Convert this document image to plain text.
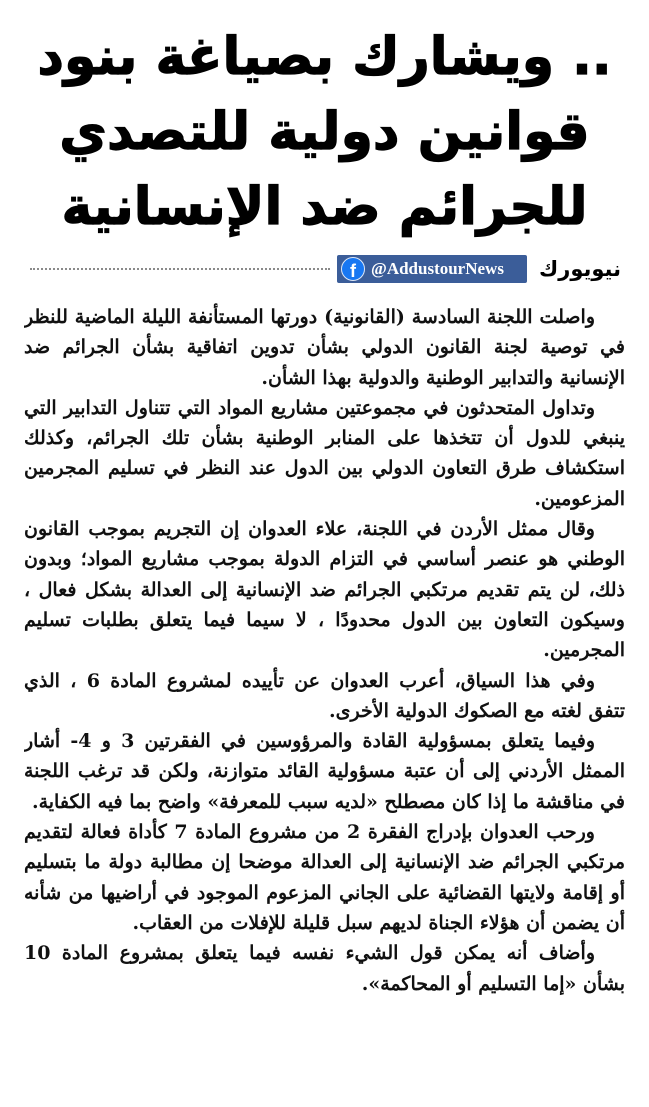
.. ويشارك بصياغة بنود
قوانين دولية للتصدي
للجرائم ضد الإنسانية
نيويورك
f @AddustourNews

واصلت اللجنة السادسة (القانونية) دورتها المستأنفة الليلة الماضية للنظر في توصية لجنة القانون الدولي بشأن تدوين اتفاقية بشأن الجرائم ضد الإنسانية والتدابير الوطنية والدولية بهذا الشأن.

وتداول المتحدثون في مجموعتين مشاريع المواد التي تتناول التدابير التي ينبغي للدول أن تتخذها على المنابر الوطنية بشأن تلك الجرائم، وكذلك استكشاف طرق التعاون الدولي بين الدول عند النظر في تسليم المجرمين المزعومين.

وقال ممثل الأردن في اللجنة، علاء العدوان إن التجريم بموجب القانون الوطني هو عنصر أساسي في التزام الدولة بموجب مشاريع المواد؛ وبدون ذلك، لن يتم تقديم مرتكبي الجرائم ضد الإنسانية إلى العدالة بشكل فعال ، وسيكون التعاون بين الدول محدودًا ، لا سيما فيما يتعلق بطلبات تسليم المجرمين.

وفي هذا السياق، أعرب العدوان عن تأييده لمشروع المادة 6 ، الذي تتفق لغته مع الصكوك الدولية الأخرى.

وفيما يتعلق بمسؤولية القادة والمرؤوسين في الفقرتين 3 و 4- أشار الممثل الأردني إلى أن عتبة مسؤولية القائد متوازنة، ولكن قد ترغب اللجنة في مناقشة ما إذا كان مصطلح «لديه سبب للمعرفة» واضح بما فيه الكفاية.

ورحب العدوان بإدراج الفقرة 2 من مشروع المادة 7 كأداة فعالة لتقديم مرتكبي الجرائم ضد الإنسانية إلى العدالة موضحا إن مطالبة دولة ما بتسليم أو إقامة ولايتها القضائية على الجاني المزعوم الموجود في أراضيها من شأنه أن يضمن أن هؤلاء الجناة لديهم سبل قليلة للإفلات من العقاب.

وأضاف أنه يمكن قول الشيء نفسه فيما يتعلق بمشروع المادة 10 بشأن «إما التسليم أو المحاكمة».
